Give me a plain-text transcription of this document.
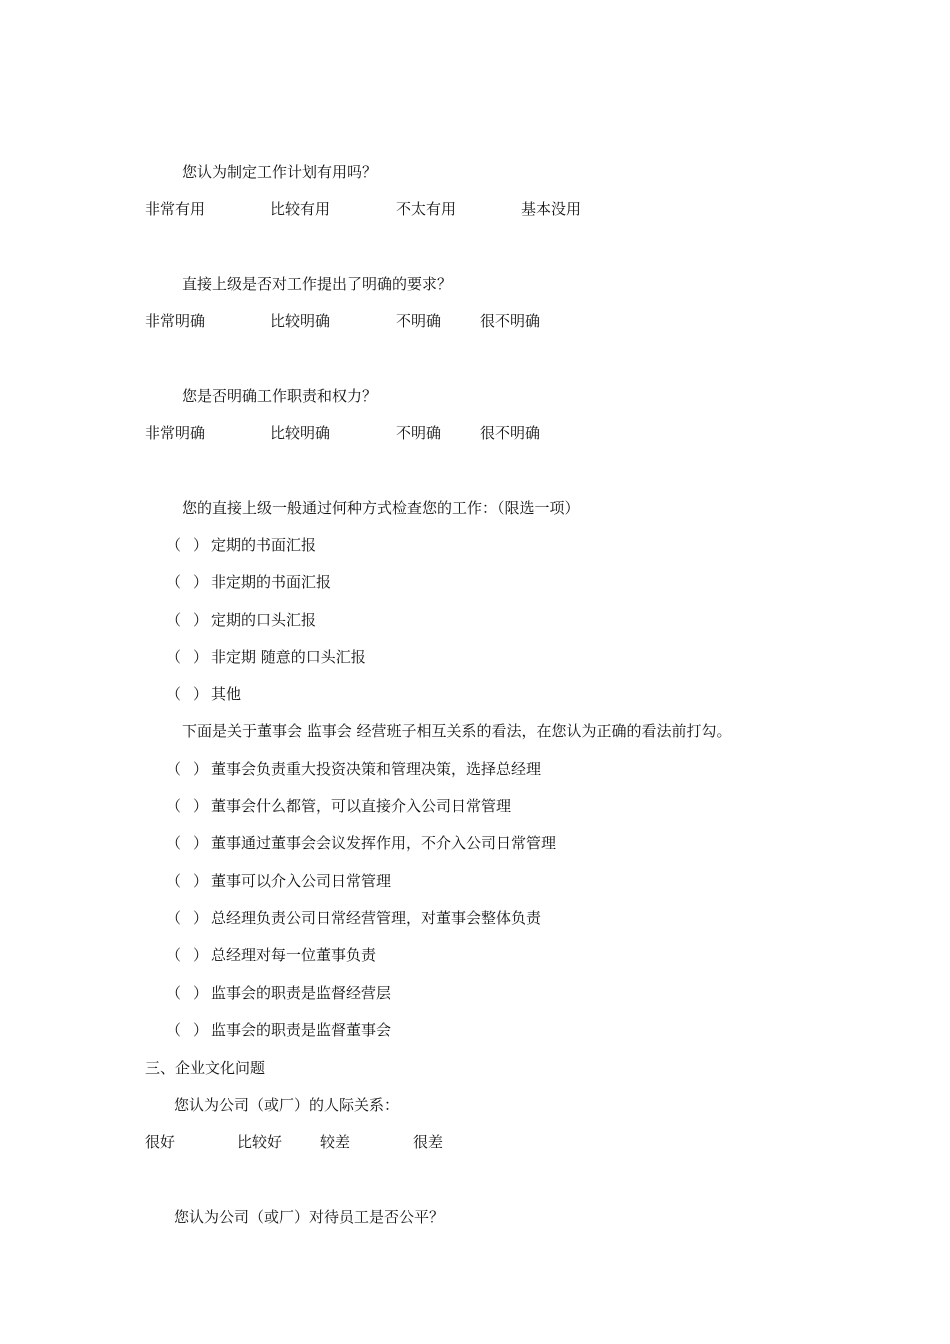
您认为制定工作计划有用吗？
非常有用	比较有用	不太有用	基本没用
直接上级是否对工作提出了明确的要求？
非常明确	比较明确	不明确	很不明确
您是否明确工作职责和权力？
非常明确	比较明确	不明确	很不明确
您的直接上级一般通过何种方式检查您的工作：（限选一项）
（ ） 定期的书面汇报
（ ） 非定期的书面汇报
（ ） 定期的口头汇报
（ ） 非定期 随意的口头汇报
（ ） 其他
下面是关于董事会 监事会 经营班子相互关系的看法，在您认为正确的看法前打勾。
（ ） 董事会负责重大投资决策和管理决策，选择总经理
（ ） 董事会什么都管，可以直接介入公司日常管理
（ ） 董事通过董事会会议发挥作用，不介入公司日常管理
（ ） 董事可以介入公司日常管理
（ ） 总经理负责公司日常经营管理，对董事会整体负责
（ ） 总经理对每一位董事负责
（ ） 监事会的职责是监督经营层
（ ） 监事会的职责是监督董事会
三、企业文化问题
您认为公司（或厂）的人际关系：
很好	比较好	较差	很差
您认为公司（或厂）对待员工是否公平？
